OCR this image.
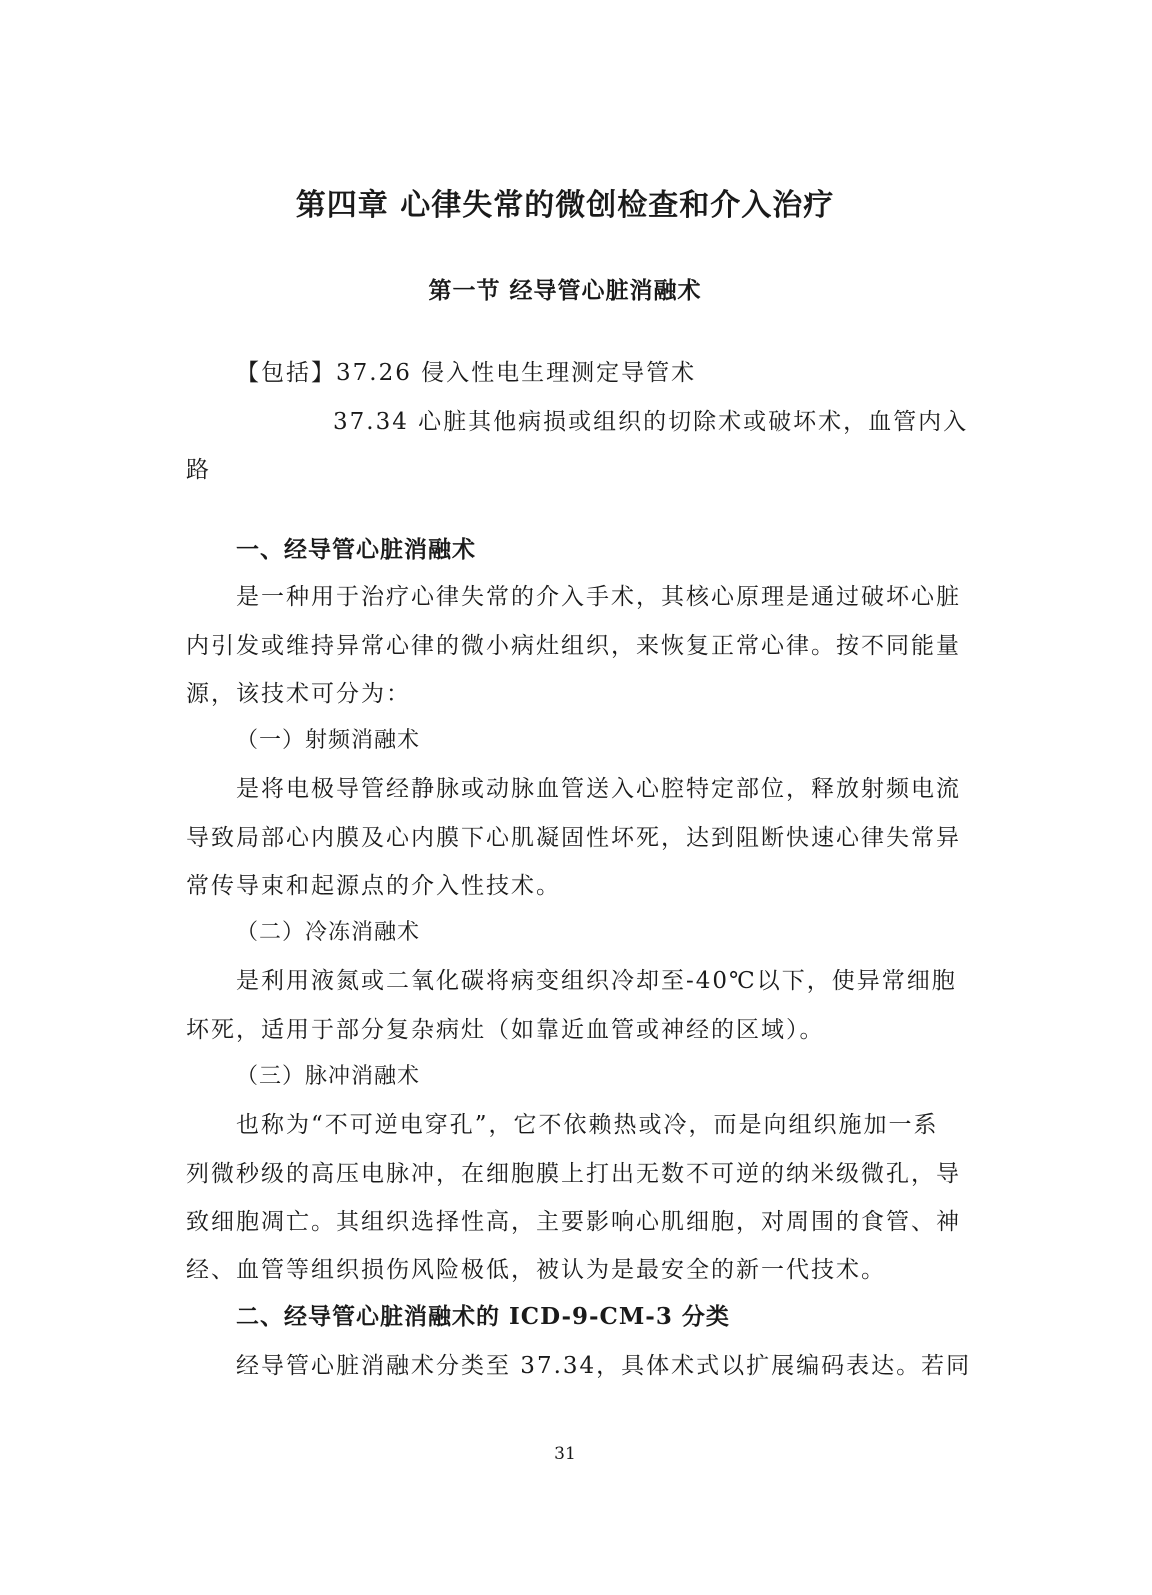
第四章 心律失常的微创检查和介入治疗
第一节 经导管心脏消融术
【包括】37.26 侵入性电生理测定导管术
37.34 心脏其他病损或组织的切除术或破坏术，血管内入
路
一、经导管心脏消融术
是一种用于治疗心律失常的介入手术，其核心原理是通过破坏心脏
内引发或维持异常心律的微小病灶组织，来恢复正常心律。按不同能量
源，该技术可分为：
（一）射频消融术
是将电极导管经静脉或动脉血管送入心腔特定部位，释放射频电流
导致局部心内膜及心内膜下心肌凝固性坏死，达到阻断快速心律失常异
常传导束和起源点的介入性技术。
（二）冷冻消融术
是利用液氮或二氧化碳将病变组织冷却至-40℃以下，使异常细胞
坏死，适用于部分复杂病灶（如靠近血管或神经的区域）。
（三）脉冲消融术
也称为“不可逆电穿孔”，它不依赖热或冷，而是向组织施加一系
列微秒级的高压电脉冲，在细胞膜上打出无数不可逆的纳米级微孔，导
致细胞凋亡。其组织选择性高，主要影响心肌细胞，对周围的食管、神
经、血管等组织损伤风险极低，被认为是最安全的新一代技术。
二、经导管心脏消融术的 ICD-9-CM-3 分类
经导管心脏消融术分类至 37.34，具体术式以扩展编码表达。若同
31
